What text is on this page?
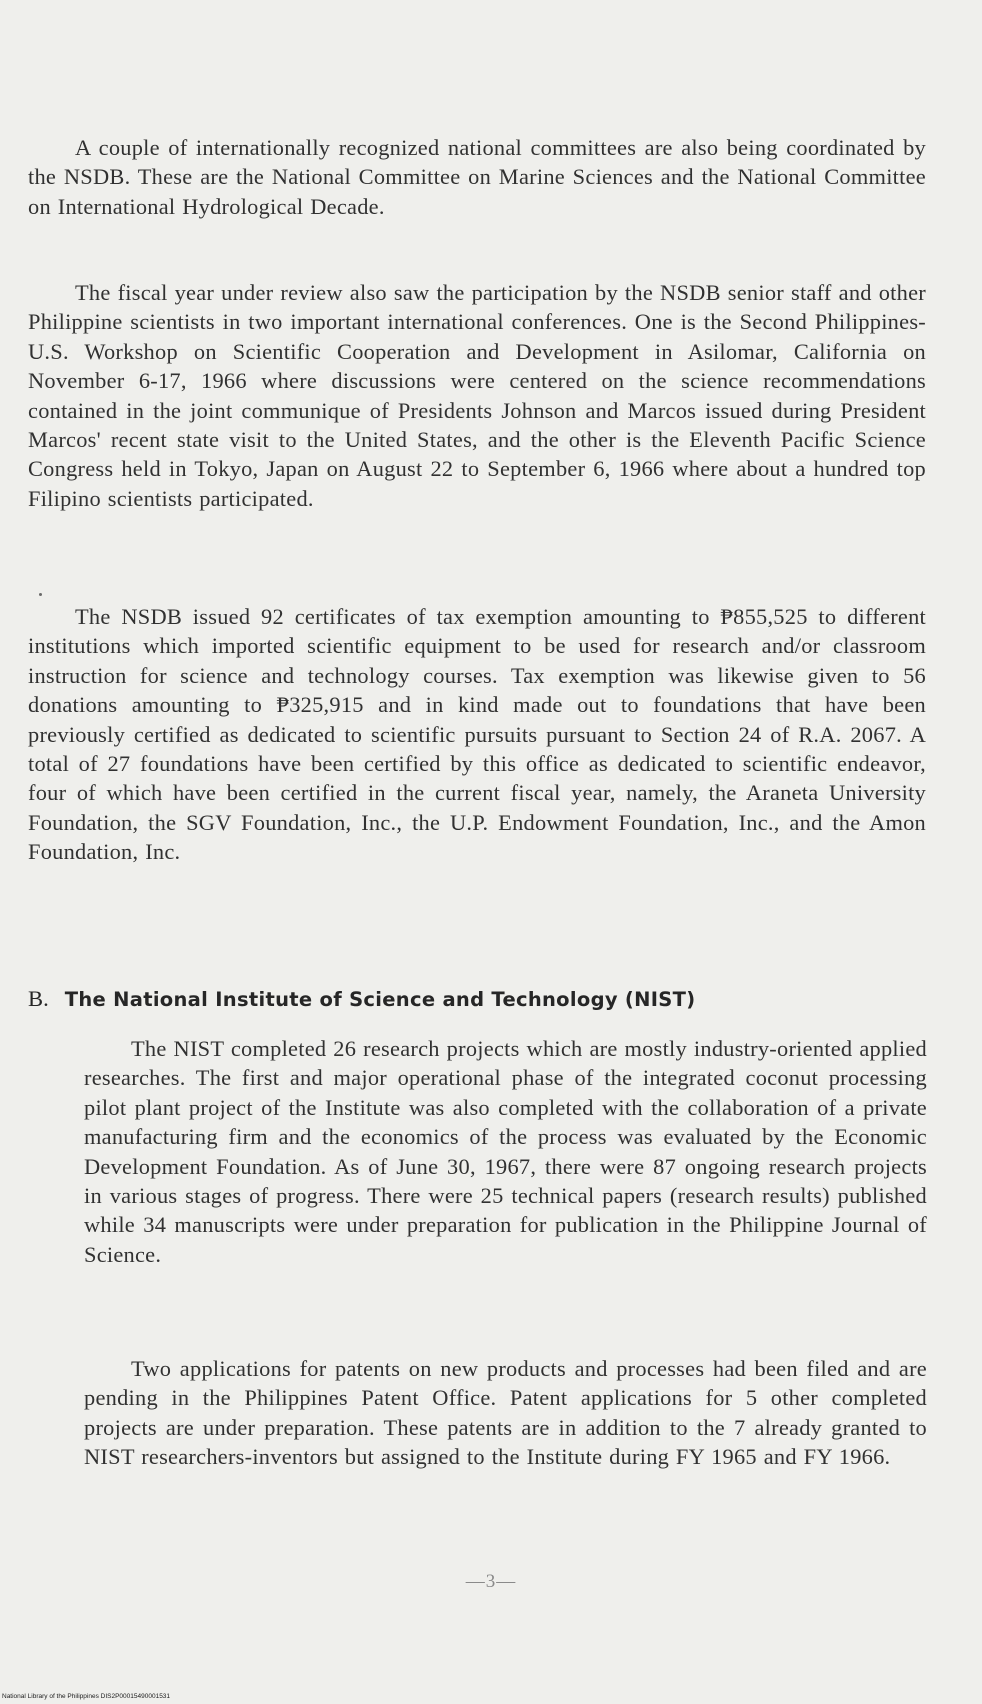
A couple of internationally recognized national committees are also being coordinated by the NSDB. These are the National Committee on Marine Sciences and the National Committee on International Hydrological Decade.

The fiscal year under review also saw the participation by the NSDB senior staff and other Philippine scientists in two important international conferences. One is the Second Philippines-U.S. Workshop on Scientific Cooperation and Development in Asilomar, California on November 6-17, 1966 where discussions were centered on the science recommendations contained in the joint communique of Presidents Johnson and Marcos issued during President Marcos' recent state visit to the United States, and the other is the Eleventh Pacific Science Congress held in Tokyo, Japan on August 22 to September 6, 1966 where about a hundred top Filipino scientists participated.

The NSDB issued 92 certificates of tax exemption amounting to ₱855,525 to different institutions which imported scientific equipment to be used for research and/or classroom instruction for science and technology courses. Tax exemption was likewise given to 56 donations amounting to ₱325,915 and in kind made out to foundations that have been previously certified as dedicated to scientific pursuits pursuant to Section 24 of R.A. 2067. A total of 27 foundations have been certified by this office as dedicated to scientific endeavor, four of which have been certified in the current fiscal year, namely, the Araneta University Foundation, the SGV Foundation, Inc., the U.P. Endowment Foundation, Inc., and the Amon Foundation, Inc.

B. The National Institute of Science and Technology (NIST)

The NIST completed 26 research projects which are mostly industry-oriented applied researches. The first and major operational phase of the integrated coconut processing pilot plant project of the Institute was also completed with the collaboration of a private manufacturing firm and the economics of the process was evaluated by the Economic Development Foundation. As of June 30, 1967, there were 87 ongoing research projects in various stages of progress. There were 25 technical papers (research results) published while 34 manuscripts were under preparation for publication in the Philippine Journal of Science.

Two applications for patents on new products and processes had been filed and are pending in the Philippines Patent Office. Patent applications for 5 other completed projects are under preparation. These patents are in addition to the 7 already granted to NIST researchers-inventors but assigned to the Institute during FY 1965 and FY 1966.

—3—
National Library of the Philippines DIS2P00015490001531
